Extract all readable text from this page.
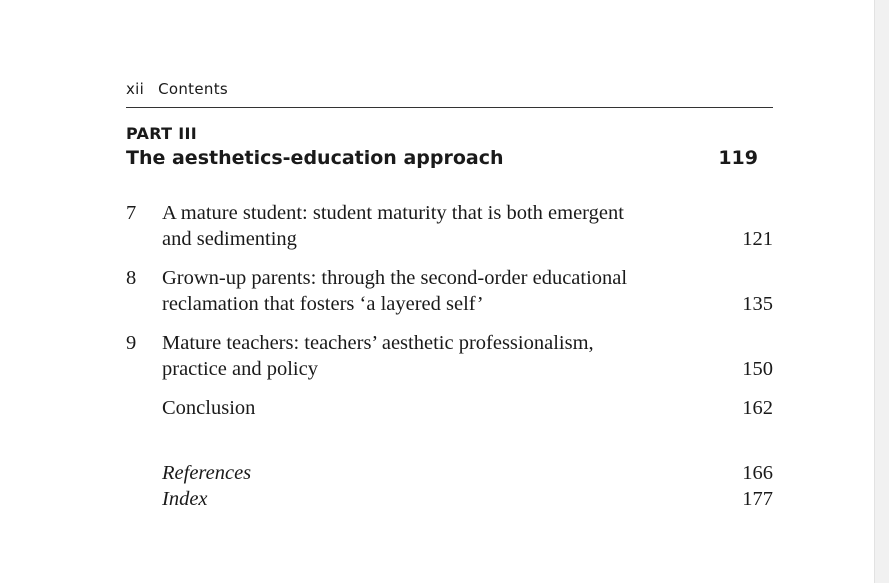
xii Contents
PART III
The aesthetics-education approach	119
7 A mature student: student maturity that is both emergent
and sedimenting	121
8 Grown-up parents: through the second-order educational
reclamation that fosters ‘a layered self’	135
9 Mature teachers: teachers’ aesthetic professionalism,
practice and policy	150
Conclusion	162
References	166
Index	177
